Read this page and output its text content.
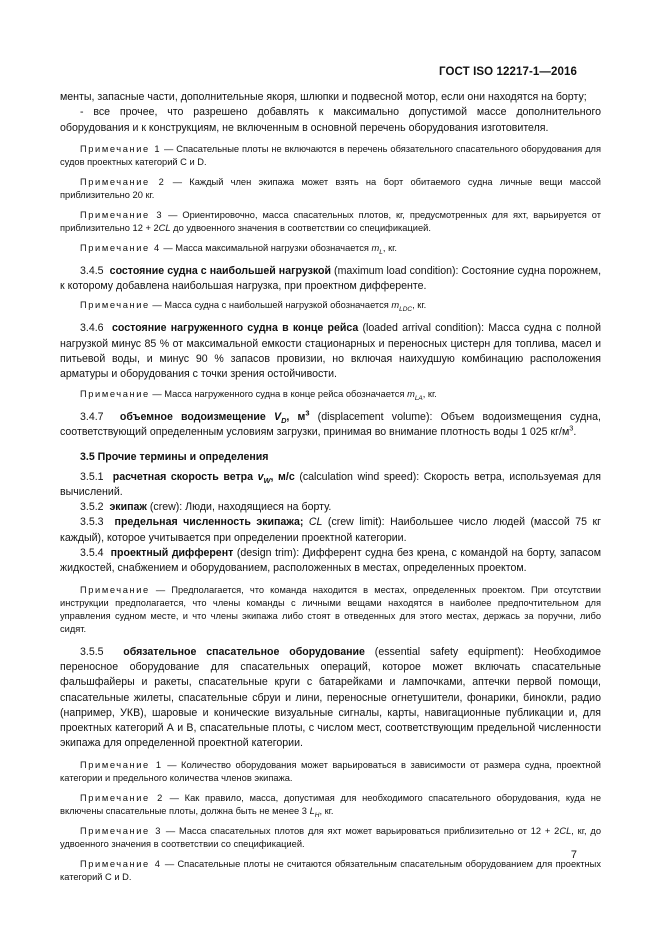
ГОСТ ISO 12217-1—2016

менты, запасные части, дополнительные якоря, шлюпки и подвесной мотор, если они находятся на борту;

- все прочее, что разрешено добавлять к максимально допустимой массе дополнительного оборудования и к конструкциям, не включенным в основной перечень оборудования изготовителя.

Примечание 1 — Спасательные плоты не включаются в перечень обязательного спасательного оборудования для судов проектных категорий С и D.

Примечание 2 — Каждый член экипажа может взять на борт обитаемого судна личные вещи массой приблизительно 20 кг.

Примечание 3 — Ориентировочно, масса спасательных плотов, кг, предусмотренных для яхт, варьируется от приблизительно 12 + 2CL до удвоенного значения в соответствии со спецификацией.

Примечание 4 — Масса максимальной нагрузки обозначается $m_L$, кг.

3.4.5 состояние судна с наибольшей нагрузкой (maximum load condition): Состояние судна порожнем, к которому добавлена наибольшая нагрузка, при проектном дифференте.

Примечание — Масса судна с наибольшей нагрузкой обозначается $m_{LDC}$, кг.

3.4.6 состояние нагруженного судна в конце рейса (loaded arrival condition): Масса судна с полной нагрузкой минус 85 % от максимальной емкости стационарных и переносных цистерн для топлива, масел и питьевой воды, и минус 90 % запасов провизии, но включая наихудшую комбинацию расположения арматуры и оборудования с точки зрения остойчивости.

Примечание — Масса нагруженного судна в конце рейса обозначается $m_{LA}$, кг.

3.4.7 объемное водоизмещение $V_D$, $м^3$ (displacement volume): Объем водоизмещения судна, соответствующий определенным условиям загрузки, принимая во внимание плотность воды 1 025 $кг/м^3$.

3.5 Прочие термины и определения

3.5.1 расчетная скорость ветра $v_W$, м/с (calculation wind speed): Скорость ветра, используемая для вычислений.

3.5.2 экипаж (crew): Люди, находящиеся на борту.

3.5.3 предельная численность экипажа; CL (crew limit): Наибольшее число людей (массой 75 кг каждый), которое учитывается при определении проектной категории.

3.5.4 проектный дифферент (design trim): Дифферент судна без крена, с командой на борту, запасом жидкостей, снабжением и оборудованием, расположенных в местах, определенных проектом.

Примечание — Предполагается, что команда находится в местах, определенных проектом. При отсутствии инструкции предполагается, что члены команды с личными вещами находятся в наиболее предпочтительном для управления судном месте, и что члены экипажа либо стоят в отведенных для этого местах, держась за поручни, либо сидят.

3.5.5 обязательное спасательное оборудование (essential safety equipment): Необходимое переносное оборудование для спасательных операций, которое может включать спасательные фальшфайеры и ракеты, спасательные круги с батарейками и лампочками, аптечки первой помощи, спасательные жилеты, спасательные сбруи и лини, переносные огнетушители, фонарики, бинокли, радио (например, УКВ), шаровые и конические визуальные сигналы, карты, навигационные публикации и, для проектных категорий А и В, спасательные плоты, с числом мест, соответствующим предельной численности экипажа для определенной проектной категории.

Примечание 1 — Количество оборудования может варьироваться в зависимости от размера судна, проектной категории и предельного количества членов экипажа.

Примечание 2 — Как правило, масса, допустимая для необходимого спасательного оборудования, куда не включены спасательные плоты, должна быть не менее 3 $L_H$, кг.

Примечание 3 — Масса спасательных плотов для яхт может варьироваться приблизительно от 12 + 2CL, кг, до удвоенного значения в соответствии со спецификацией.

Примечание 4 — Спасательные плоты не считаются обязательным спасательным оборудованием для проектных категорий С и D.

7
